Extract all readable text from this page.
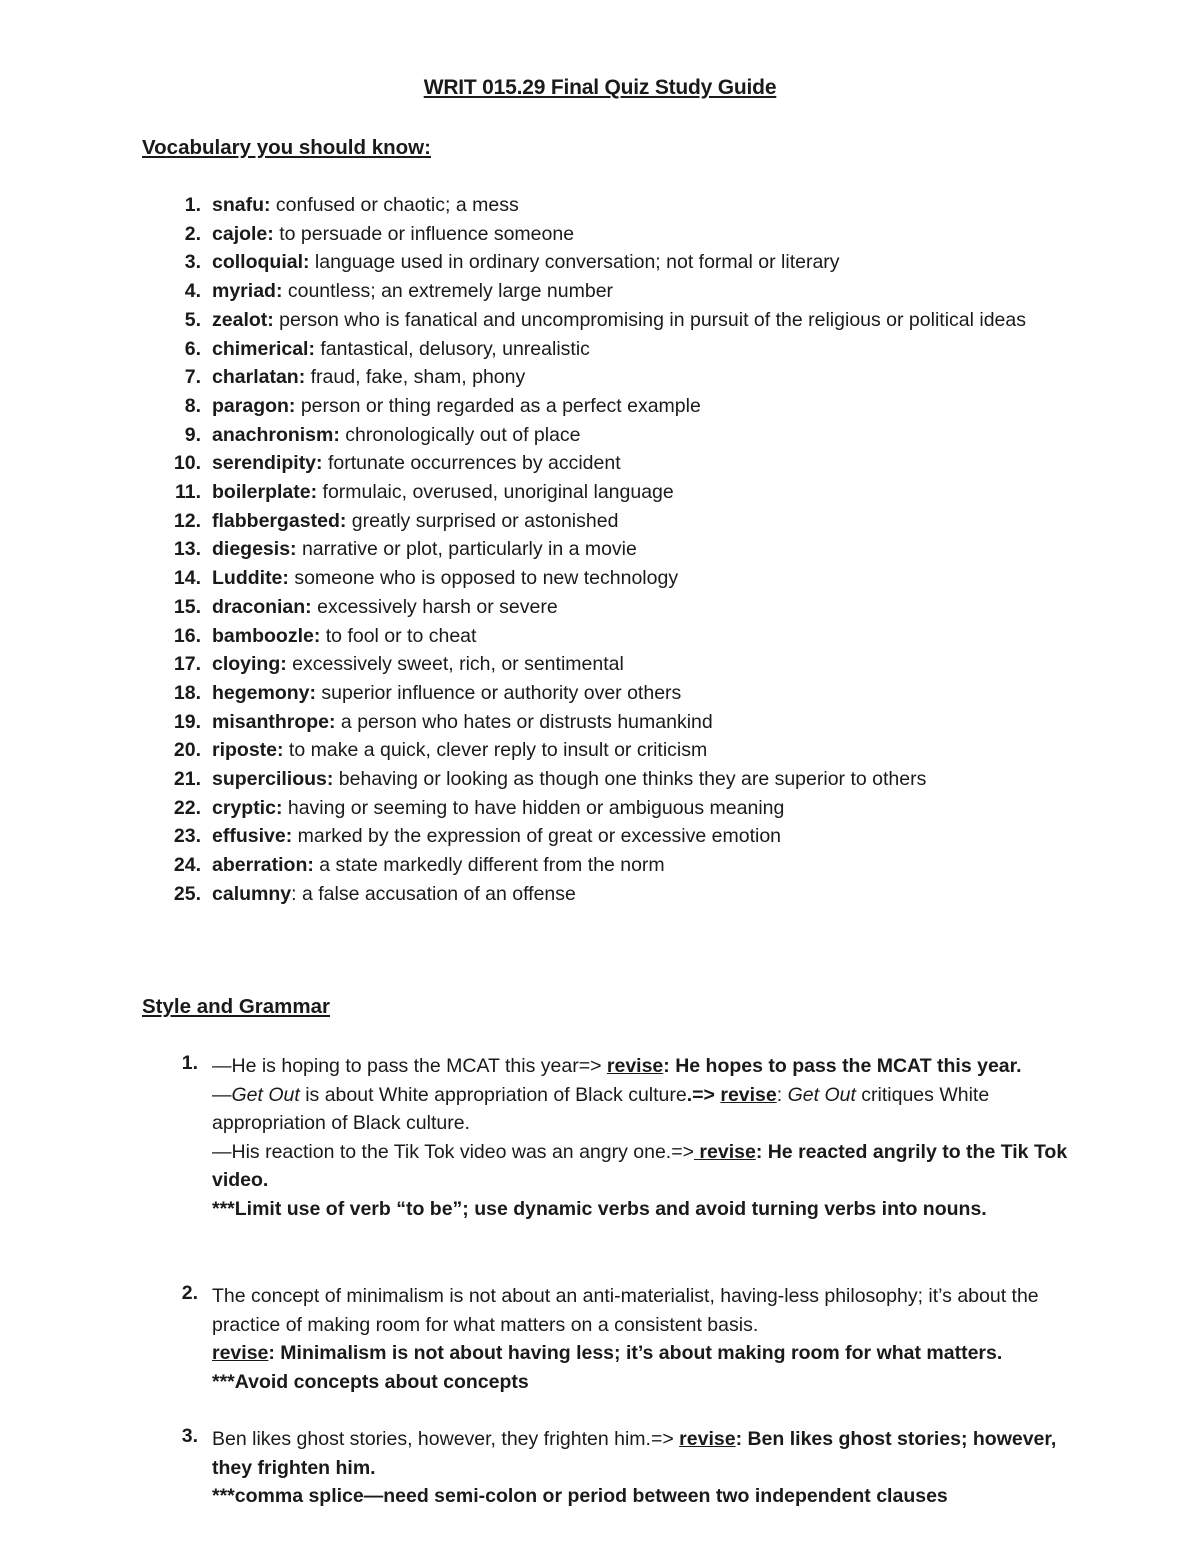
WRIT 015.29 Final Quiz Study Guide
Vocabulary you should know:
1. snafu: confused or chaotic; a mess
2. cajole: to persuade or influence someone
3. colloquial: language used in ordinary conversation; not formal or literary
4. myriad: countless; an extremely large number
5. zealot: person who is fanatical and uncompromising in pursuit of the religious or political ideas
6. chimerical: fantastical, delusory, unrealistic
7. charlatan: fraud, fake, sham, phony
8. paragon: person or thing regarded as a perfect example
9. anachronism: chronologically out of place
10. serendipity: fortunate occurrences by accident
11. boilerplate: formulaic, overused, unoriginal language
12. flabbergasted: greatly surprised or astonished
13. diegesis: narrative or plot, particularly in a movie
14. Luddite: someone who is opposed to new technology
15. draconian: excessively harsh or severe
16. bamboozle: to fool or to cheat
17. cloying: excessively sweet, rich, or sentimental
18. hegemony: superior influence or authority over others
19. misanthrope: a person who hates or distrusts humankind
20. riposte: to make a quick, clever reply to insult or criticism
21. supercilious: behaving or looking as though one thinks they are superior to others
22. cryptic: having or seeming to have hidden or ambiguous meaning
23. effusive: marked by the expression of great or excessive emotion
24. aberration: a state markedly different from the norm
25. calumny: a false accusation of an offense
Style and Grammar
1. —He is hoping to pass the MCAT this year=> revise: He hopes to pass the MCAT this year.

—Get Out is about White appropriation of Black culture.=> revise: Get Out critiques White appropriation of Black culture.

—His reaction to the Tik Tok video was an angry one.=> revise: He reacted angrily to the Tik Tok video.

***Limit use of verb “to be”; use dynamic verbs and avoid turning verbs into nouns.

2. The concept of minimalism is not about an anti-materialist, having-less philosophy; it’s about the practice of making room for what matters on a consistent basis.

revise: Minimalism is not about having less; it’s about making room for what matters.

***Avoid concepts about concepts

3. Ben likes ghost stories, however, they frighten him.=> revise: Ben likes ghost stories; however, they frighten him.

***comma splice—need semi-colon or period between two independent clauses
